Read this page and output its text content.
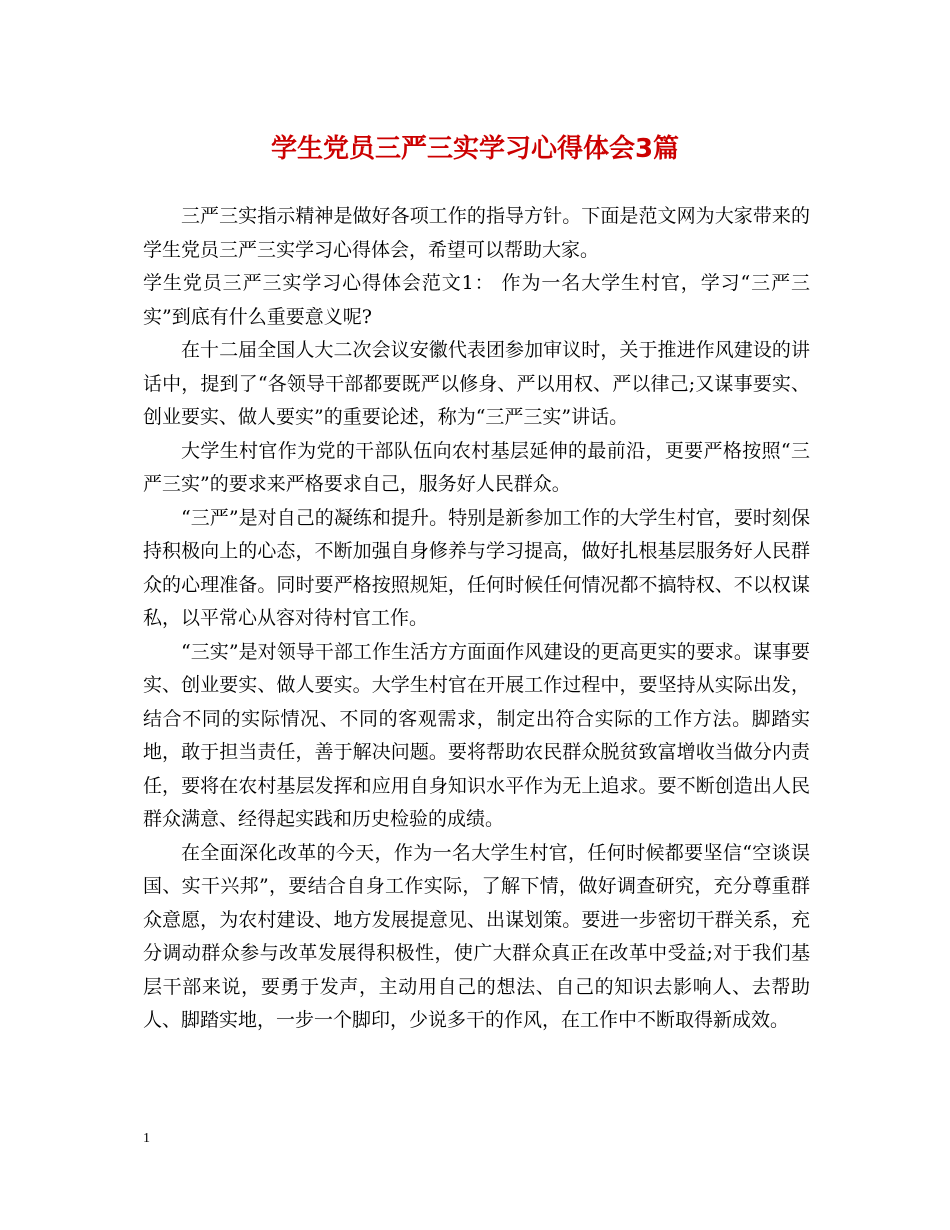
学生党员三严三实学习心得体会3篇

三严三实指示精神是做好各项工作的指导方针。下面是范文网为大家带来的学生党员三严三实学习心得体会，希望可以帮助大家。

学生党员三严三实学习心得体会范文1： 作为一名大学生村官，学习“三严三实”到底有什么重要意义呢?

在十二届全国人大二次会议安徽代表团参加审议时，关于推进作风建设的讲话中，提到了“各领导干部都要既严以修身、严以用权、严以律己;又谋事要实、创业要实、做人要实”的重要论述，称为“三严三实”讲话。

大学生村官作为党的干部队伍向农村基层延伸的最前沿，更要严格按照“三严三实”的要求来严格要求自己，服务好人民群众。

“三严”是对自己的凝练和提升。特别是新参加工作的大学生村官，要时刻保持积极向上的心态，不断加强自身修养与学习提高，做好扎根基层服务好人民群众的心理准备。同时要严格按照规矩，任何时候任何情况都不搞特权、不以权谋私，以平常心从容对待村官工作。

“三实”是对领导干部工作生活方方面面作风建设的更高更实的要求。谋事要实、创业要实、做人要实。大学生村官在开展工作过程中，要坚持从实际出发，结合不同的实际情况、不同的客观需求，制定出符合实际的工作方法。脚踏实地，敢于担当责任，善于解决问题。要将帮助农民群众脱贫致富增收当做分内责任，要将在农村基层发挥和应用自身知识水平作为无上追求。要不断创造出人民群众满意、经得起实践和历史检验的成绩。

在全面深化改革的今天，作为一名大学生村官，任何时候都要坚信“空谈误国、实干兴邦”，要结合自身工作实际，了解下情，做好调查研究，充分尊重群众意愿，为农村建设、地方发展提意见、出谋划策。要进一步密切干群关系，充分调动群众参与改革发展得积极性，使广大群众真正在改革中受益;对于我们基层干部来说，要勇于发声，主动用自己的想法、自己的知识去影响人、去帮助人、脚踏实地，一步一个脚印，少说多干的作风，在工作中不断取得新成效。

1
